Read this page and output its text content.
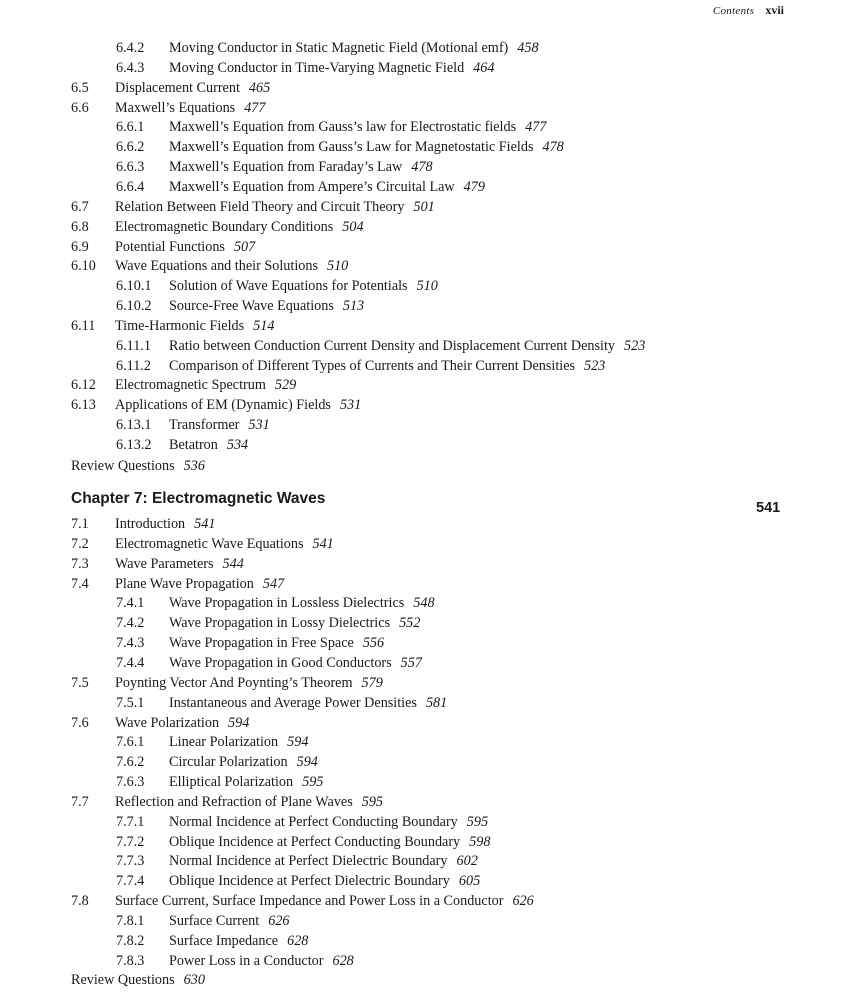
Contents xvii
6.4.2 Moving Conductor in Static Magnetic Field (Motional emf) 458
6.4.3 Moving Conductor in Time-Varying Magnetic Field 464
6.5 Displacement Current 465
6.6 Maxwell’s Equations 477
6.6.1 Maxwell’s Equation from Gauss’s law for Electrostatic fields 477
6.6.2 Maxwell’s Equation from Gauss’s Law for Magnetostatic Fields 478
6.6.3 Maxwell’s Equation from Faraday’s Law 478
6.6.4 Maxwell’s Equation from Ampere’s Circuital Law 479
6.7 Relation Between Field Theory and Circuit Theory 501
6.8 Electromagnetic Boundary Conditions 504
6.9 Potential Functions 507
6.10 Wave Equations and their Solutions 510
6.10.1 Solution of Wave Equations for Potentials 510
6.10.2 Source-Free Wave Equations 513
6.11 Time-Harmonic Fields 514
6.11.1 Ratio between Conduction Current Density and Displacement Current Density 523
6.11.2 Comparison of Different Types of Currents and Their Current Densities 523
6.12 Electromagnetic Spectrum 529
6.13 Applications of EM (Dynamic) Fields 531
6.13.1 Transformer 531
6.13.2 Betatron 534
Review Questions 536
Chapter 7: Electromagnetic Waves
541
7.1 Introduction 541
7.2 Electromagnetic Wave Equations 541
7.3 Wave Parameters 544
7.4 Plane Wave Propagation 547
7.4.1 Wave Propagation in Lossless Dielectrics 548
7.4.2 Wave Propagation in Lossy Dielectrics 552
7.4.3 Wave Propagation in Free Space 556
7.4.4 Wave Propagation in Good Conductors 557
7.5 Poynting Vector And Poynting’s Theorem 579
7.5.1 Instantaneous and Average Power Densities 581
7.6 Wave Polarization 594
7.6.1 Linear Polarization 594
7.6.2 Circular Polarization 594
7.6.3 Elliptical Polarization 595
7.7 Reflection and Refraction of Plane Waves 595
7.7.1 Normal Incidence at Perfect Conducting Boundary 595
7.7.2 Oblique Incidence at Perfect Conducting Boundary 598
7.7.3 Normal Incidence at Perfect Dielectric Boundary 602
7.7.4 Oblique Incidence at Perfect Dielectric Boundary 605
7.8 Surface Current, Surface Impedance and Power Loss in a Conductor 626
7.8.1 Surface Current 626
7.8.2 Surface Impedance 628
7.8.3 Power Loss in a Conductor 628
Review Questions 630
